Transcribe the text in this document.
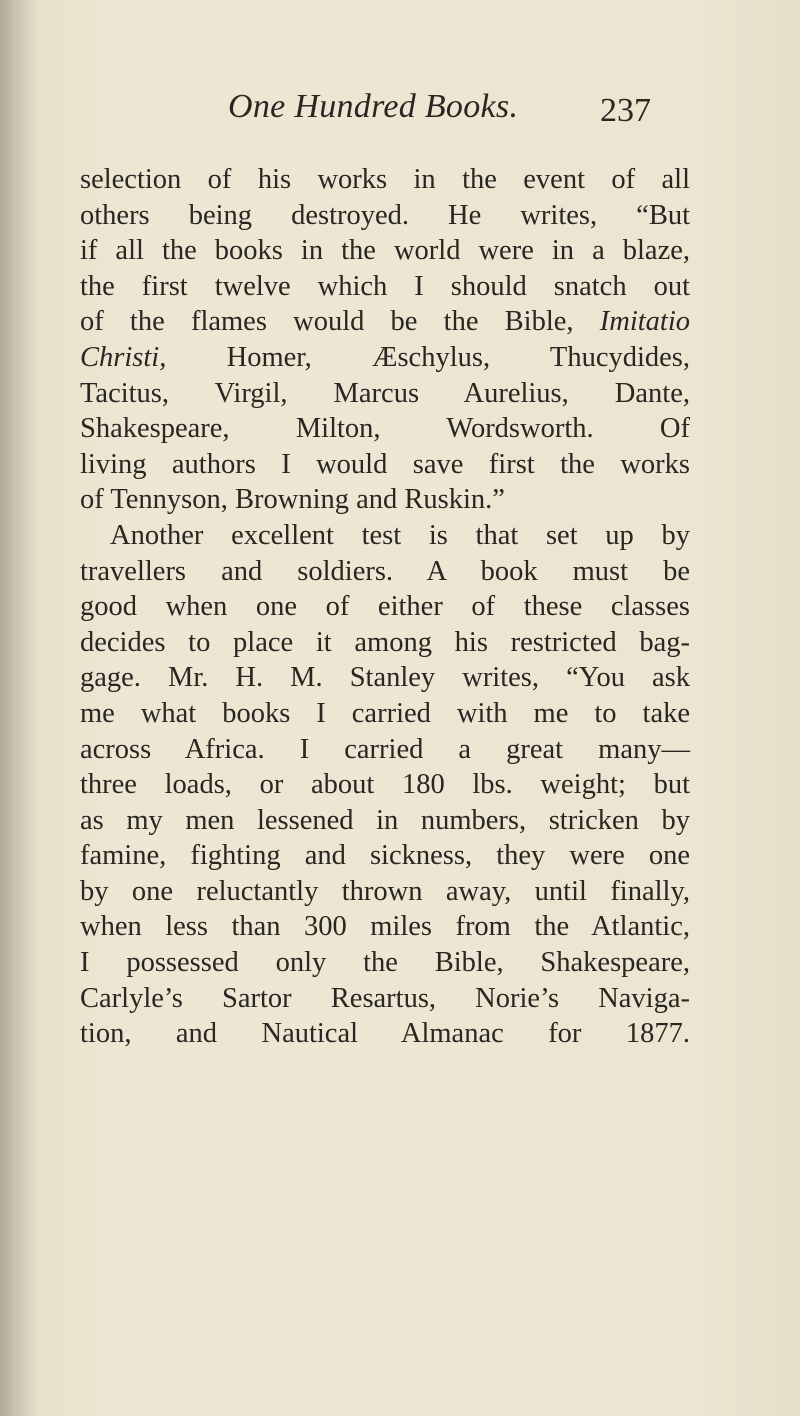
One Hundred Books. 237
selection of his works in the event of all
others being destroyed. He writes, “But
if all the books in the world were in a blaze,
the first twelve which I should snatch out
of the flames would be the Bible, Imitatio
Christi, Homer, Æschylus, Thucydides,
Tacitus, Virgil, Marcus Aurelius, Dante,
Shakespeare, Milton, Wordsworth. Of
living authors I would save first the works
of Tennyson, Browning and Ruskin.”
Another excellent test is that set up by
travellers and soldiers. A book must be
good when one of either of these classes
decides to place it among his restricted bag-
gage. Mr. H. M. Stanley writes, “You ask
me what books I carried with me to take
across Africa. I carried a great many—
three loads, or about 180 lbs. weight; but
as my men lessened in numbers, stricken by
famine, fighting and sickness, they were one
by one reluctantly thrown away, until finally,
when less than 300 miles from the Atlantic,
I possessed only the Bible, Shakespeare,
Carlyle’s Sartor Resartus, Norie’s Naviga-
tion, and Nautical Almanac for 1877.
